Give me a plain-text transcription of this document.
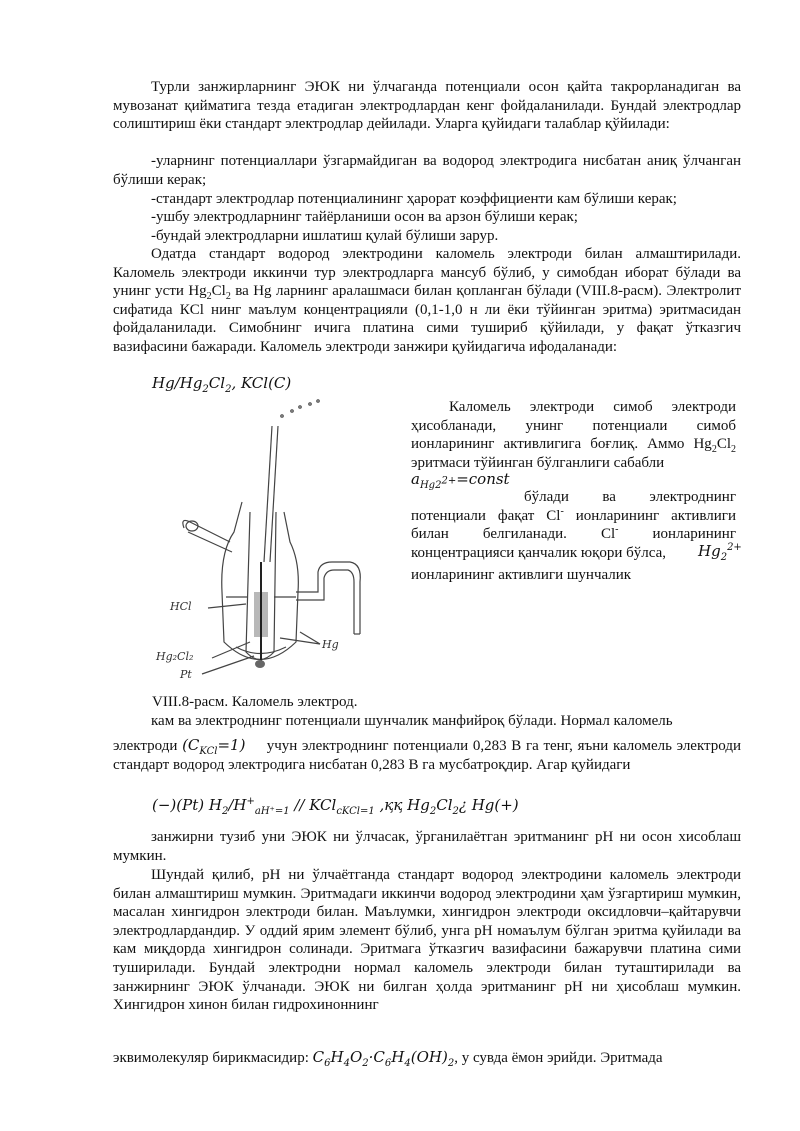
Турли занжирларнинг ЭЮК ни ўлчаганда потенциали осон қайта такрорланадиган ва мувозанат қийматига тезда етадиган электродлардан кенг фойдаланилади. Бундай электродлар солиштириш ёки стандарт электродлар дейилади. Уларга қуйидаги талаблар қўйилади:

-уларнинг потенциаллари ўзгармайдиган ва водород электродига нисбатан аниқ ўлчанган бўлиши керак;

-стандарт электродлар потенциалининг ҳарорат коэффициенти кам бўлиши керак;

-ушбу электродларнинг тайёрланиши осон ва арзон бўлиши керак;

-бундай электродларни ишлатиш қулай бўлиши зарур.

Одатда стандарт водород электродини каломель электроди билан алмаштирилади. Каломель электроди иккинчи тур электродларга мансуб бўлиб, у симобдан иборат бўлади ва унинг усти $Hg_2Cl_2$ ва Hg ларнинг аралашмаси билан қопланган бўлади (VIII.8-расм). Электролит сифатида КCl нинг маълум концентрацияли (0,1-1,0 н ли ёки тўйинган эритма) эритмасидан фойдаланилади. Симобнинг ичига платина сими тушириб қўйилади, у фақат ўтказгич вазифасини бажаради. Каломель электроди занжири қуйидагича ифодаланади:

$Hg/Hg_2Cl_2$, KCl(C)
HCl
Hg₂Cl₂
Pt
Hg

Каломель электроди симоб электроди ҳисобланади, унинг потенциали симоб ионларининг активлигига боғлиқ. Аммо $Hg_2Cl_2$ эритмаси тўйинган бўлганлиги сабабли

$a_{Hg2^{2+}}=const$

бўлади ва электроднинг потенциали фақат Cl- ионларининг активлиги билан белгиланади. Cl- ионларининг концентрацияси қанчалик юқори бўлса,	$Hg_2^{2+}$

ионларининг активлиги шунчалик

VIII.8-расм. Каломель электрод.

кам ва электроднинг потенциали шунчалик манфийроқ бўлади. Нормал каломель

электроди $(C_{KCl}=1)$ учун электроднинг потенциали 0,283 В га тенг, яъни каломель электроди стандарт водород электродига нисбатан 0,283 В га мусбатроқдир. Агар қуйидаги

(−)(Pt) $H_2/H^+_{aH^+=1} // KCl_{cKCl=1}$ ,ққ $Hg_2Cl_2¿$ Hg(+)

занжирни тузиб уни ЭЮК ни ўлчасак, ўрганилаётган эритманинг рН ни осон хисоблаш мумкин.

Шундай қилиб, рН ни ўлчаётганда стандарт водород электродини каломель электроди билан алмаштириш мумкин. Эритмадаги иккинчи водород электродини ҳам ўзгартириш мумкин, масалан хингидрон электроди билан. Маълумки, хингидрон электроди оксидловчи–қайтарувчи электродлардандир. У оддий ярим элемент бўлиб, унга рН номаълум бўлган эритма қуйилади ва кам миқдорда хингидрон солинади. Эритмага ўтказгич вазифасини бажарувчи платина сими туширилади. Бундай электродни нормал каломель электроди билан туташтирилади ва занжирнинг ЭЮК ўлчанади. ЭЮК ни билган ҳолда эритманинг рН ни ҳисоблаш мумкин. Хингидрон хинон билан гидрохиноннинг

эквимолекуляр бирикмасидир: $C_6H_4O_2\cdot C_6H_4(OH)_2$, у сувда ёмон эрийди. Эритмада
